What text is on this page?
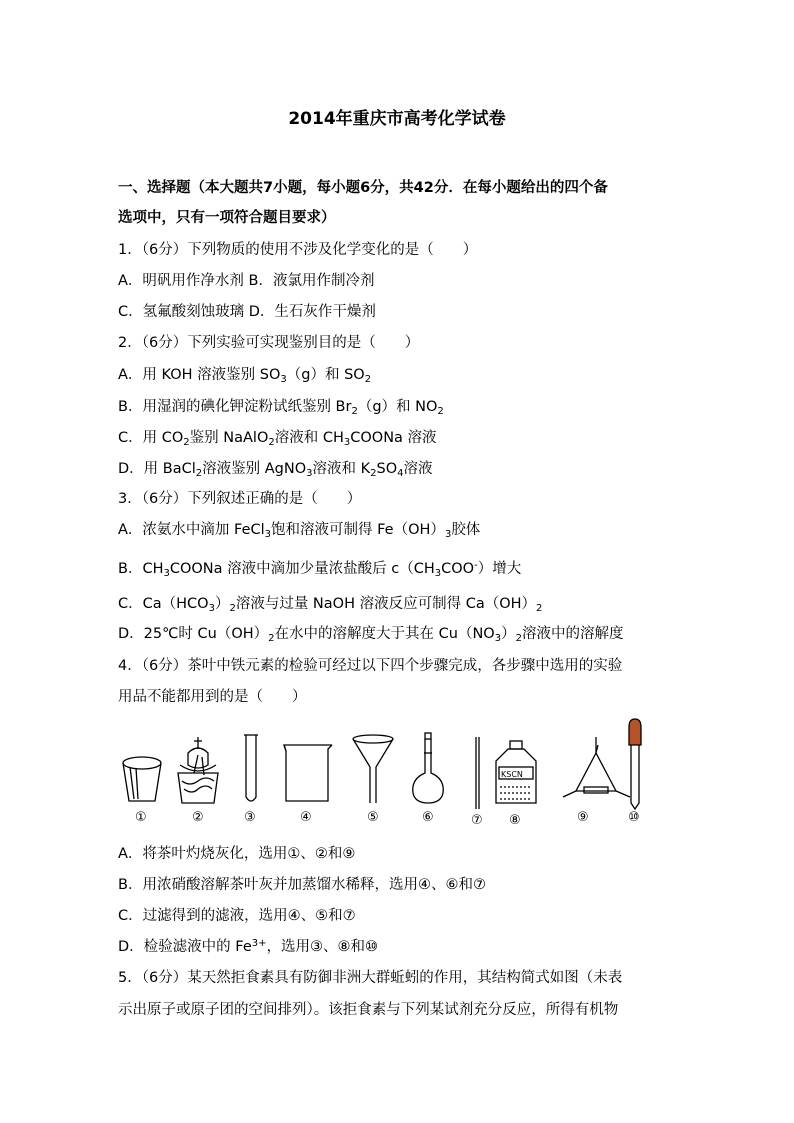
2014年重庆市高考化学试卷
一、选择题（本大题共7小题，每小题6分，共42分．在每小题给出的四个备
选项中，只有一项符合题目要求）
1．（6分）下列物质的使用不涉及化学变化的是（　　）
A．明矾用作净水剂 B．液氯用作制冷剂
C．氢氟酸刻蚀玻璃 D．生石灰作干燥剂
2．（6分）下列实验可实现鉴别目的是（　　）
A．用 KOH 溶液鉴别 $SO_3(g)$和 $SO_2$
B．用湿润的碘化钾淀粉试纸鉴别 $Br_2(g)$和 $NO_2$
C．用 $CO_2$鉴别 NaAlO$_2$溶液和 $CH_3COONa$ 溶液
D．用 BaCl$_2$溶液鉴别 AgNO$_3$溶液和 $K_2SO_4$溶液
3．（6分）下列叙述正确的是（　　）
A．浓氨水中滴加 FeCl$_3$饱和溶液可制得 $Fe(OH)_3$胶体
B．$CH_3COONa$ 溶液中滴加少量浓盐酸后 $c(CH_3COO^-)$增大
C．$Ca(HCO_3)_2$溶液与过量 NaOH 溶液反应可制得 $Ca(OH)_2$
D．25℃时 $Cu(OH)_2$在水中的溶解度大于其在 $Cu(NO_3)_2$溶液中的溶解度
4．（6分）茶叶中铁元素的检验可经过以下四个步骤完成，各步骤中选用的实验
用品不能都用到的是（　　）
①	②	③	④	⑤	⑥	⑦ ⑧	⑨	⑩
KSCN
A．将茶叶灼烧灰化，选用①、②和⑨
B．用浓硝酸溶解茶叶灰并加蒸馏水稀释，选用④、⑥和⑦
C．过滤得到的滤液，选用④、⑤和⑦
D．检验滤液中的 $Fe^{3+}$，选用③、⑧和⑩
5．（6分）某天然拒食素具有防御非洲大群蚯蚓的作用，其结构简式如图（未表
示出原子或原子团的空间排列）。该拒食素与下列某试剂充分反应，所得有机物
